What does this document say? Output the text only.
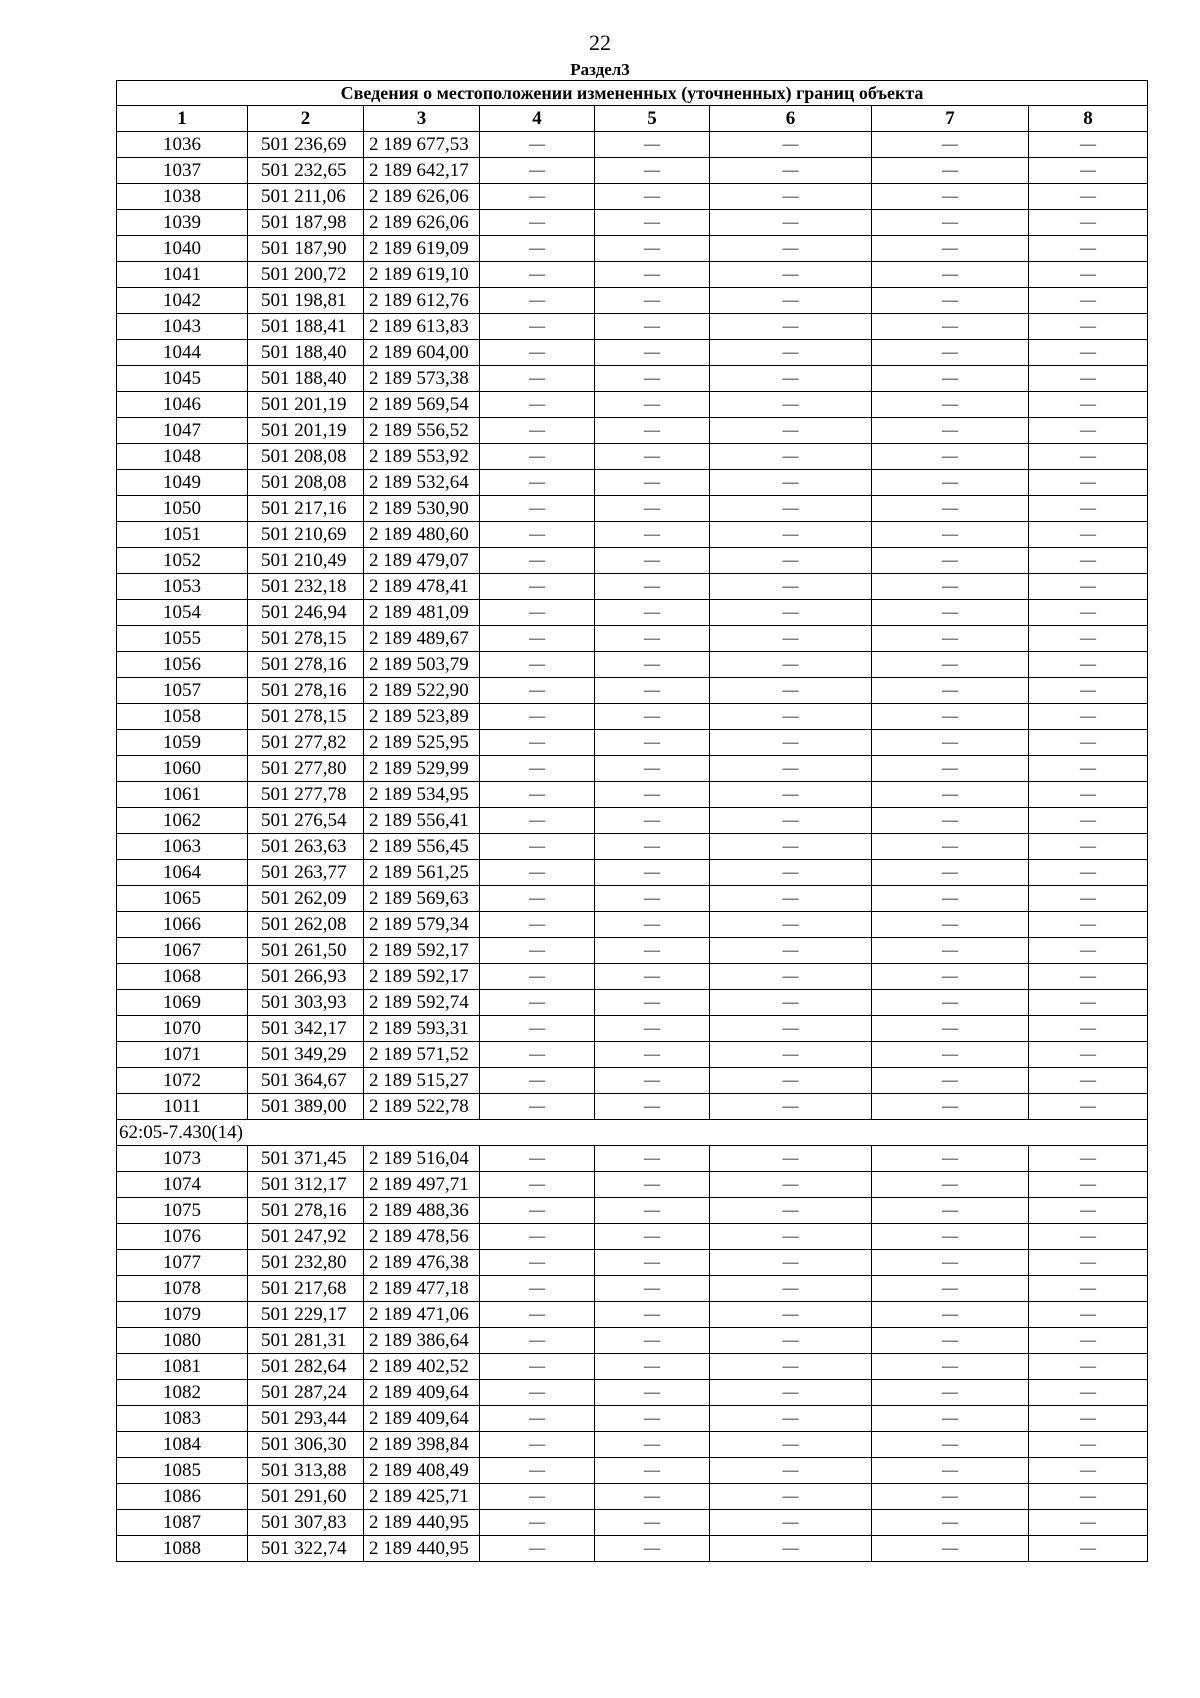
22
Раздел3
Сведения о местоположении измененных (уточненных) границ объекта							
1	2	3	4	5	6	7	8
1036	501 236,69	2 189 677,53	—	—	—	—	—
1037	501 232,65	2 189 642,17	—	—	—	—	—
1038	501 211,06	2 189 626,06	—	—	—	—	—
1039	501 187,98	2 189 626,06	—	—	—	—	—
1040	501 187,90	2 189 619,09	—	—	—	—	—
1041	501 200,72	2 189 619,10	—	—	—	—	—
1042	501 198,81	2 189 612,76	—	—	—	—	—
1043	501 188,41	2 189 613,83	—	—	—	—	—
1044	501 188,40	2 189 604,00	—	—	—	—	—
1045	501 188,40	2 189 573,38	—	—	—	—	—
1046	501 201,19	2 189 569,54	—	—	—	—	—
1047	501 201,19	2 189 556,52	—	—	—	—	—
1048	501 208,08	2 189 553,92	—	—	—	—	—
1049	501 208,08	2 189 532,64	—	—	—	—	—
1050	501 217,16	2 189 530,90	—	—	—	—	—
1051	501 210,69	2 189 480,60	—	—	—	—	—
1052	501 210,49	2 189 479,07	—	—	—	—	—
1053	501 232,18	2 189 478,41	—	—	—	—	—
1054	501 246,94	2 189 481,09	—	—	—	—	—
1055	501 278,15	2 189 489,67	—	—	—	—	—
1056	501 278,16	2 189 503,79	—	—	—	—	—
1057	501 278,16	2 189 522,90	—	—	—	—	—
1058	501 278,15	2 189 523,89	—	—	—	—	—
1059	501 277,82	2 189 525,95	—	—	—	—	—
1060	501 277,80	2 189 529,99	—	—	—	—	—
1061	501 277,78	2 189 534,95	—	—	—	—	—
1062	501 276,54	2 189 556,41	—	—	—	—	—
1063	501 263,63	2 189 556,45	—	—	—	—	—
1064	501 263,77	2 189 561,25	—	—	—	—	—
1065	501 262,09	2 189 569,63	—	—	—	—	—
1066	501 262,08	2 189 579,34	—	—	—	—	—
1067	501 261,50	2 189 592,17	—	—	—	—	—
1068	501 266,93	2 189 592,17	—	—	—	—	—
1069	501 303,93	2 189 592,74	—	—	—	—	—
1070	501 342,17	2 189 593,31	—	—	—	—	—
1071	501 349,29	2 189 571,52	—	—	—	—	—
1072	501 364,67	2 189 515,27	—	—	—	—	—
1011	501 389,00	2 189 522,78	—	—	—	—	—
62:05-7.430(14)							
1073	501 371,45	2 189 516,04	—	—	—	—	—
1074	501 312,17	2 189 497,71	—	—	—	—	—
1075	501 278,16	2 189 488,36	—	—	—	—	—
1076	501 247,92	2 189 478,56	—	—	—	—	—
1077	501 232,80	2 189 476,38	—	—	—	—	—
1078	501 217,68	2 189 477,18	—	—	—	—	—
1079	501 229,17	2 189 471,06	—	—	—	—	—
1080	501 281,31	2 189 386,64	—	—	—	—	—
1081	501 282,64	2 189 402,52	—	—	—	—	—
1082	501 287,24	2 189 409,64	—	—	—	—	—
1083	501 293,44	2 189 409,64	—	—	—	—	—
1084	501 306,30	2 189 398,84	—	—	—	—	—
1085	501 313,88	2 189 408,49	—	—	—	—	—
1086	501 291,60	2 189 425,71	—	—	—	—	—
1087	501 307,83	2 189 440,95	—	—	—	—	—
1088	501 322,74	2 189 440,95	—	—	—	—	—
